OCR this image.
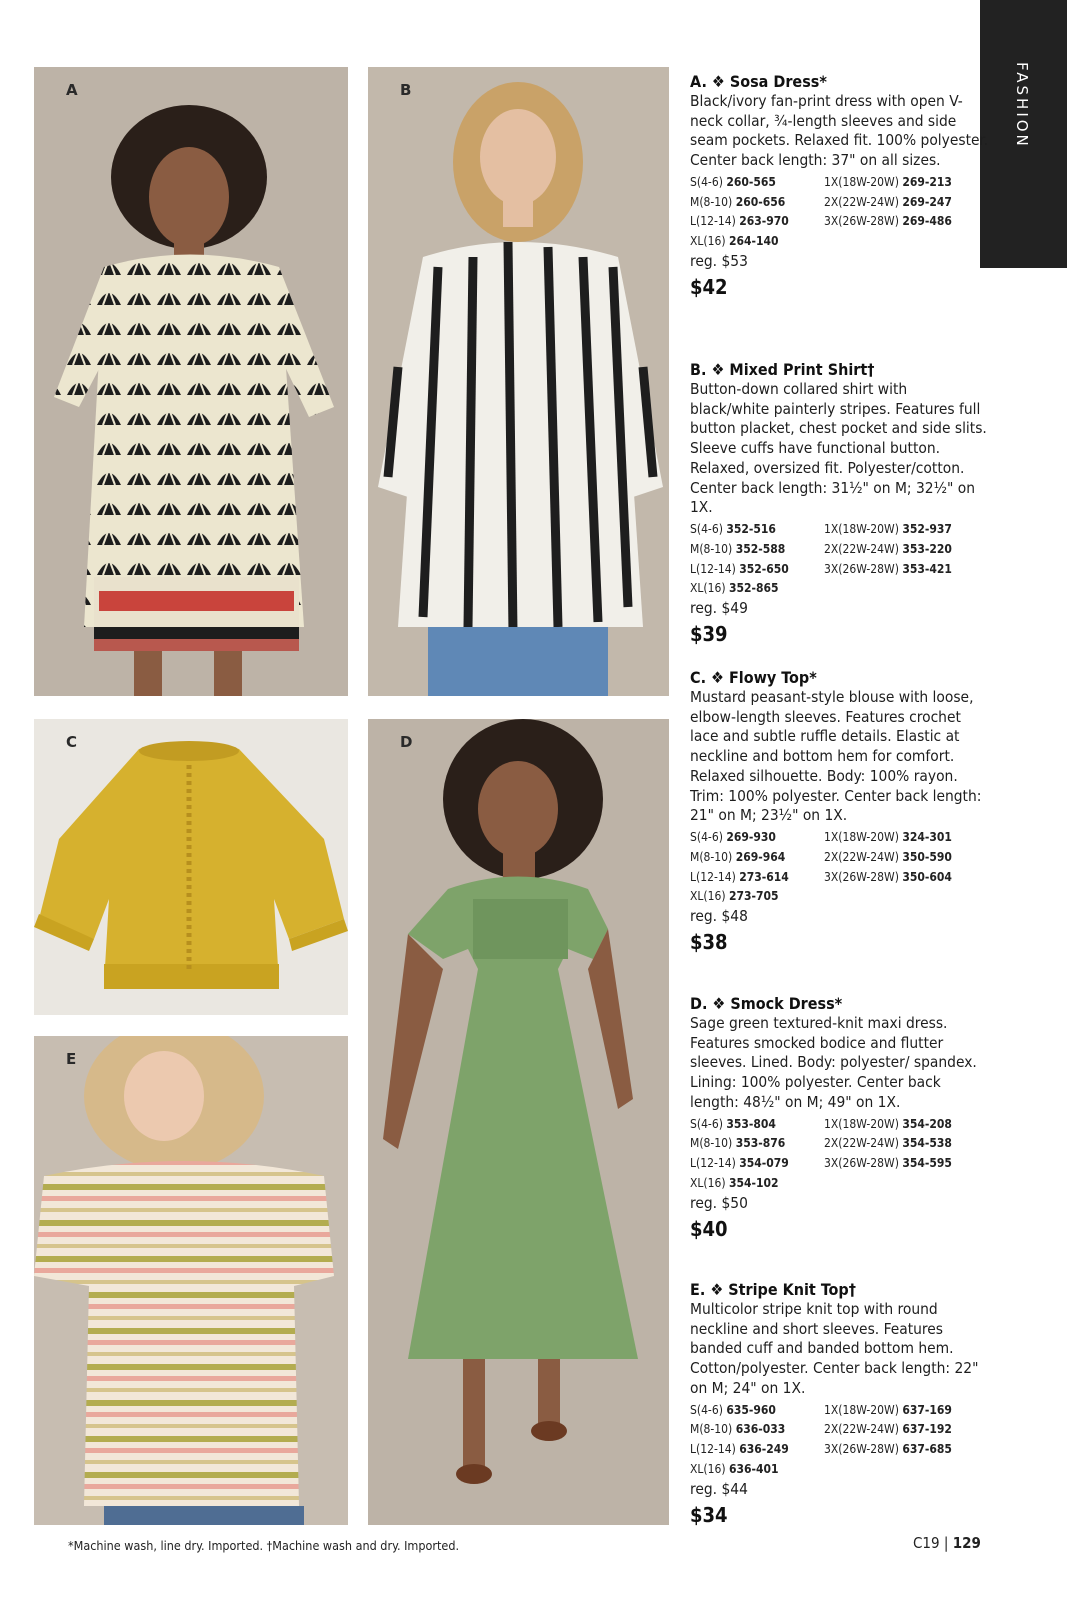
A	B
C	D
E
FASHION
A. ❖ Sosa Dress*
Black/ivory fan-print dress with open V-neck collar, ¾-length sleeves and side seam pockets. Relaxed fit. 100% polyester. Center back length: 37" on all sizes.
S(4-6) 260-565	1X(18W-20W) 269-213
M(8-10) 260-656	2X(22W-24W) 269-247
L(12-14) 263-970	3X(26W-28W) 269-486
XL(16) 264-140
reg. $53
$42
B. ❖ Mixed Print Shirt†
Button-down collared shirt with black/white painterly stripes. Features full button placket, chest pocket and side slits. Sleeve cuffs have functional button. Relaxed, oversized fit. Polyester/cotton. Center back length: 31½" on M; 32½" on 1X.
S(4-6) 352-516	1X(18W-20W) 352-937
M(8-10) 352-588	2X(22W-24W) 353-220
L(12-14) 352-650	3X(26W-28W) 353-421
XL(16) 352-865
reg. $49
$39
C. ❖ Flowy Top*
Mustard peasant-style blouse with loose, elbow-length sleeves. Features crochet lace and subtle ruffle details. Elastic at neckline and bottom hem for comfort. Relaxed silhouette. Body: 100% rayon. Trim: 100% polyester. Center back length: 21" on M; 23½" on 1X.
S(4-6) 269-930	1X(18W-20W) 324-301
M(8-10) 269-964	2X(22W-24W) 350-590
L(12-14) 273-614	3X(26W-28W) 350-604
XL(16) 273-705
reg. $48
$38
D. ❖ Smock Dress*
Sage green textured-knit maxi dress. Features smocked bodice and flutter sleeves. Lined. Body: polyester/ spandex. Lining: 100% polyester. Center back length: 48½" on M; 49" on 1X.
S(4-6) 353-804	1X(18W-20W) 354-208
M(8-10) 353-876	2X(22W-24W) 354-538
L(12-14) 354-079	3X(26W-28W) 354-595
XL(16) 354-102
reg. $50
$40
E. ❖ Stripe Knit Top†
Multicolor stripe knit top with round neckline and short sleeves. Features banded cuff and banded bottom hem. Cotton/polyester. Center back length: 22" on M; 24" on 1X.
S(4-6) 635-960	1X(18W-20W) 637-169
M(8-10) 636-033	2X(22W-24W) 637-192
L(12-14) 636-249	3X(26W-28W) 637-685
XL(16) 636-401
reg. $44
$34
*Machine wash, line dry. Imported. †Machine wash and dry. Imported.	C19 | 129
